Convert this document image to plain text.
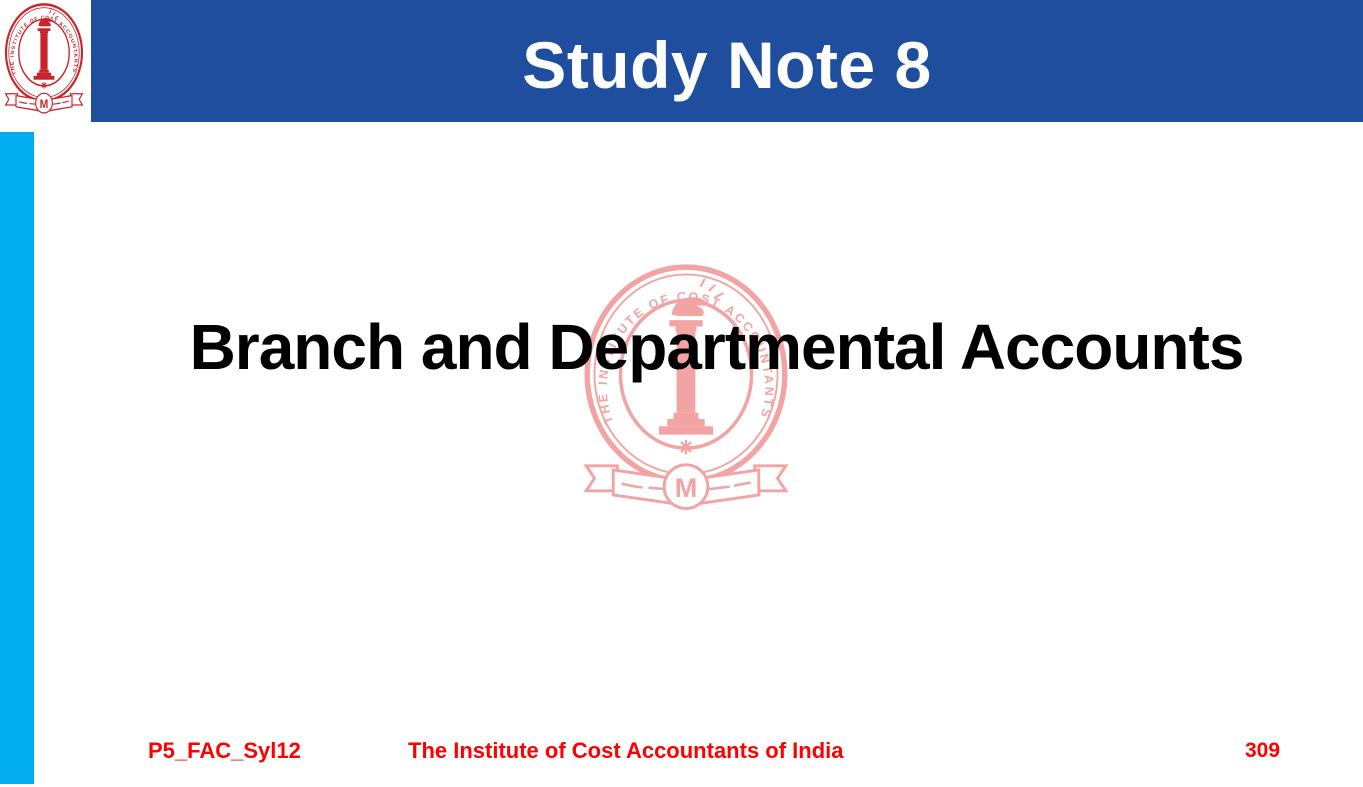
Study Note 8
Branch and Departmental Accounts
P5_FAC_Syl12	The Institute of Cost Accountants of India	309
